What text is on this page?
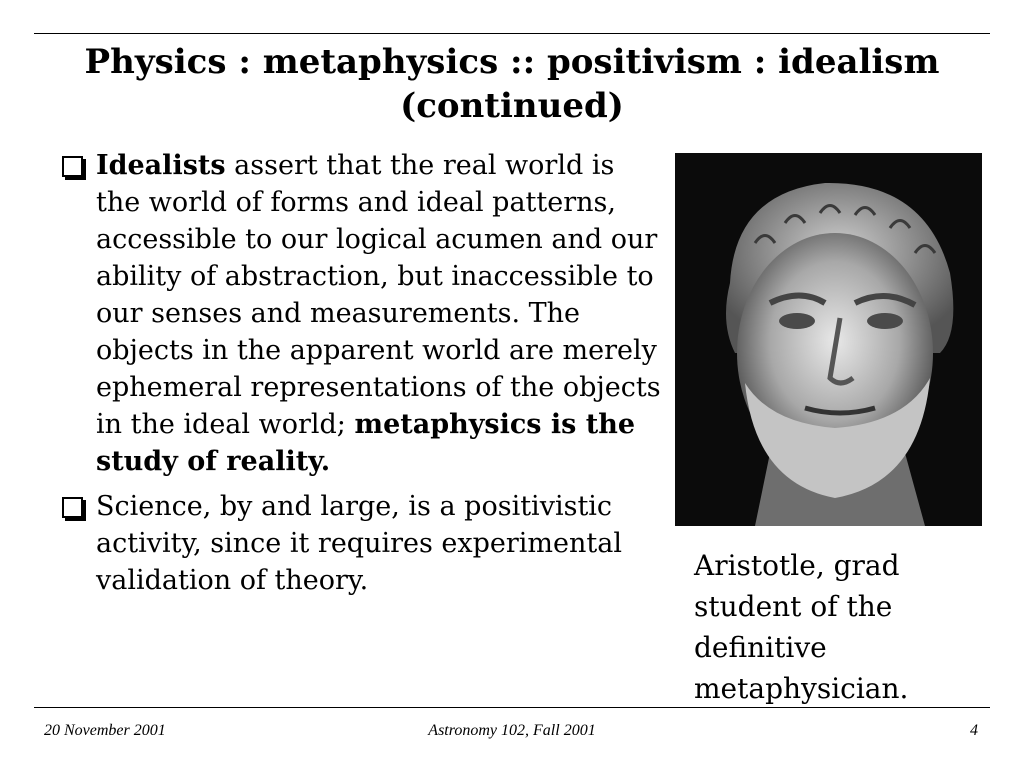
Physics : metaphysics :: positivism : idealism
(continued)
Idealists assert that the real world is the world of forms and ideal patterns, accessible to our logical acumen and our ability of abstraction, but inaccessible to our senses and measurements. The objects in the apparent world are merely ephemeral representations of the objects in the ideal world; metaphysics is the study of reality.
Science, by and large, is a positivistic activity, since it requires experimental validation of theory.	Aristotle, grad student of the definitive metaphysician.
20 November 2001	Astronomy 102, Fall 2001	4
